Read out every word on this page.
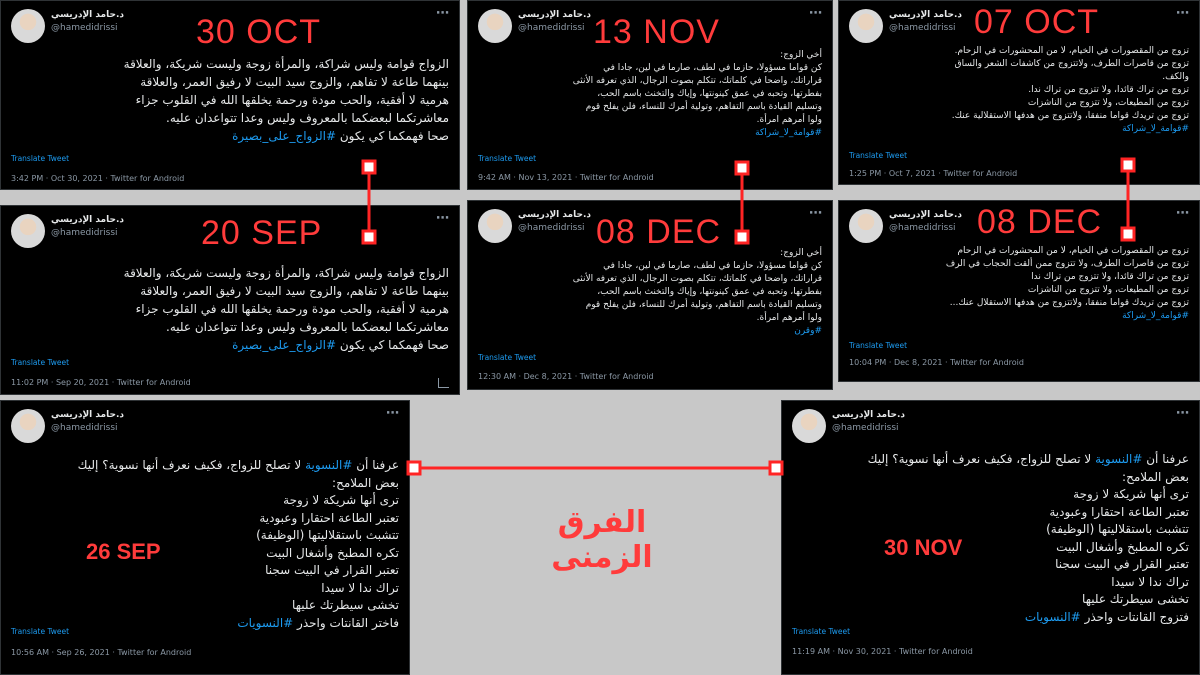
د.حامد الإدريسي
@hamedidrissi
⋯
30 OCT
الزواج قوامة وليس شراكة، والمرأة زوجة وليست شريكة، والعلاقة
بينهما طاعة لا تفاهم، والزوج سيد البيت لا رفيق العمر، والعلاقة
هرمية لا أفقية، والحب مودة ورحمة يخلقها الله في القلوب جزاء
معاشرتكما لبعضكما بالمعروف وليس وعدا تتواعدان عليه.
صحا فهمكما كي يكون #الزواج_على_بصيرة
Translate Tweet
3:42 PM · Oct 30, 2021 · Twitter for Android
د.حامد الإدريسي
@hamedidrissi
⋯
13 NOV
أخي الزوج:
كن قواما مسؤولا، حازما في لطف، صارما في لين، جادا في
قراراتك، واضحا في كلماتك، تتكلم بصوت الرجال، الذي تعرفه الأنثى
بفطرتها، وتحبه في عمق كينونتها، وإياك والتخنث باسم الحب،
وتسليم القيادة باسم التفاهم، وتولية أمرك للنساء، فلن يفلح قوم
ولوا أمرهم امرأة.
#قوامة_لا_شراكة
Translate Tweet
9:42 AM · Nov 13, 2021 · Twitter for Android
د.حامد الإدريسي
@hamedidrissi
⋯
07 OCT
تزوج من المقصورات في الخيام، لا من المحشورات في الزحام.
تزوج من قاصرات الطرف، ولاتتزوج من كاشفات الشعر والساق
والكف.
تزوج من تراك قائدا، ولا تتزوج من تراك ندا.
تزوج من المطيعات، ولا تتزوج من الناشزات
تزوج من تريدك قواما منفقا، ولاتتزوج من هدفها الاستقلالية عنك.
#قوامة_لا_شراكة
Translate Tweet
1:25 PM · Oct 7, 2021 · Twitter for Android
د.حامد الإدريسي
@hamedidrissi
⋯
20 SEP
الزواج قوامة وليس شراكة، والمرأة زوجة وليست شريكة، والعلاقة
بينهما طاعة لا تفاهم، والزوج سيد البيت لا رفيق العمر، والعلاقة
هرمية لا أفقية، والحب مودة ورحمة يخلقها الله في القلوب جزاء
معاشرتكما لبعضكما بالمعروف وليس وعدا تتواعدان عليه.
صحا فهمكما كي يكون #الزواج_على_بصيرة
Translate Tweet
11:02 PM · Sep 20, 2021 · Twitter for Android
د.حامد الإدريسي
@hamedidrissi
⋯
08 DEC
أخي الزوج:
كن قواما مسؤولا، حازما في لطف، صارما في لين، جادا في
قراراتك، واضحا في كلماتك، تتكلم بصوت الرجال، الذي تعرفه الأنثى
بفطرتها، وتحبه في عمق كينونتها، وإياك والتخنث باسم الحب،
وتسليم القيادة باسم التفاهم، وتولية أمرك للنساء، فلن يفلح قوم
ولوا أمرهم امرأة.
#وقرن
Translate Tweet
12:30 AM · Dec 8, 2021 · Twitter for Android
د.حامد الإدريسي
@hamedidrissi
⋯
08 DEC
تزوج من المقصورات في الخيام، لا من المحشورات في الزحام
تزوج من قاصرات الطرف، ولا تتزوج ممن ألقت الحجاب في الرف
تزوج من تراك قائدا، ولا تتزوج من تراك ندا
تزوج من المطيعات، ولا تتزوج من الناشزات
تزوج من تريدك قواما منفقا، ولاتتزوج من هدفها الاستقلال عنك...
#قوامة_لا_شراكة
Translate Tweet
10:04 PM · Dec 8, 2021 · Twitter for Android
د.حامد الإدريسي
@hamedidrissi
⋯
26 SEP
عرفنا أن #النسوية لا تصلح للزواج، فكيف نعرف أنها نسوية؟ إليك
بعض الملامح:
ترى أنها شريكة لا زوجة
تعتبر الطاعة احتقارا وعبودية
تتشبث باستقلاليتها (الوظيفة)
تكره المطبخ وأشغال البيت
تعتبر القرار في البيت سجنا
تراك ندا لا سيدا
تخشى سيطرتك عليها
فاختر القانتات واحذر #النسويات
Translate Tweet
10:56 AM · Sep 26, 2021 · Twitter for Android
د.حامد الإدريسي
@hamedidrissi
⋯
30 NOV
عرفنا أن #النسوية لا تصلح للزواج، فكيف نعرف أنها نسوية؟ إليك
بعض الملامح:
ترى أنها شريكة لا زوجة
تعتبر الطاعة احتقارا وعبودية
تتشبث باستقلاليتها (الوظيفة)
تكره المطبخ وأشغال البيت
تعتبر القرار في البيت سجنا
تراك ندا لا سيدا
تخشى سيطرتك عليها
فتزوج القانتات واحذر #النسويات
Translate Tweet
11:19 AM · Nov 30, 2021 · Twitter for Android
الفرق الزمنى
